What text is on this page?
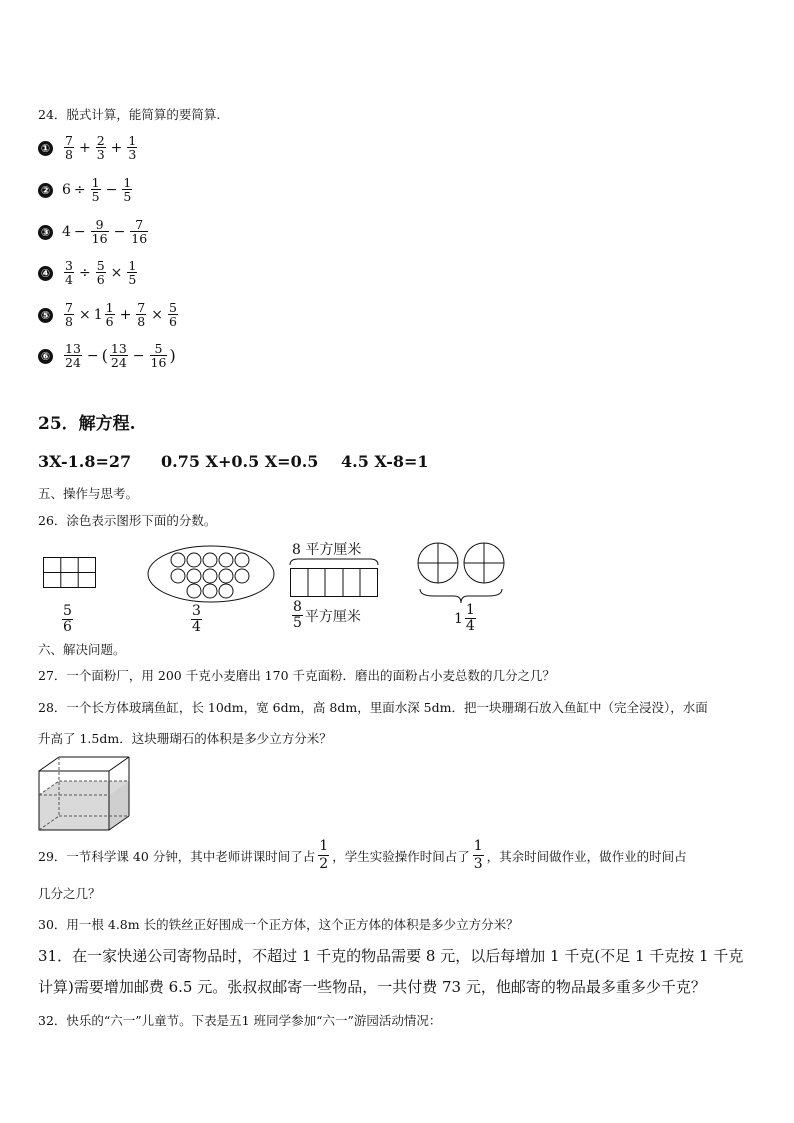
24．脱式计算，能简算的要简算.
① $\frac{7}{8} + \frac{2}{3} + \frac{1}{3}$
② $6 \div \frac{1}{5} - \frac{1}{5}$
③ $4 - \frac{9}{16} - \frac{7}{16}$
④ $\frac{3}{4} \div \frac{5}{6} \times \frac{1}{5}$
⑤ $\frac{7}{8} \times 1 \frac{1}{6} + \frac{7}{8} \times \frac{5}{6}$
⑥ $\frac{13}{24}$ − ( $\frac{13}{24} - \frac{5}{16}$ )
25．解方程.
3X-1.8=27 0.75 X+0.5 X=0.5 4.5 X-8=1
五、操作与思考。
26．涂色表示图形下面的分数。
$\frac{5}{6}$	$\frac{3}{4}$
8 平方厘米
$\frac{8}{5}$ 平方厘米	$1 \frac{1}{4}$
六、解决问题。
27．一个面粉厂，用 200 千克小麦磨出 170 千克面粉．磨出的面粉占小麦总数的几分之几？
28．一个长方体玻璃鱼缸，长 10dm，宽 6dm，高 8dm，里面水深 5dm．把一块珊瑚石放入鱼缸中（完全浸没），水面
升高了 1.5dm．这块珊瑚石的体积是多少立方分米？
29．一节科学课 40 分钟，其中老师讲课时间了占 $\frac{1}{2}$ ，学生实验操作时间占了 $\frac{1}{3}$ ，其余时间做作业，做作业的时间占
几分之几？
30．用一根 4.8m 长的铁丝正好围成一个正方体，这个正方体的体积是多少立方分米？
31．在一家快递公司寄物品时，不超过 1 千克的物品需要 8 元，以后每增加 1 千克(不足 1 千克按 1 千克
计算)需要增加邮费 6.5 元。张叔叔邮寄一些物品，一共付费 73 元，他邮寄的物品最多重多少千克？
32．快乐的“六一”儿童节。下表是五1 班同学参加“六一”游园活动情况：
